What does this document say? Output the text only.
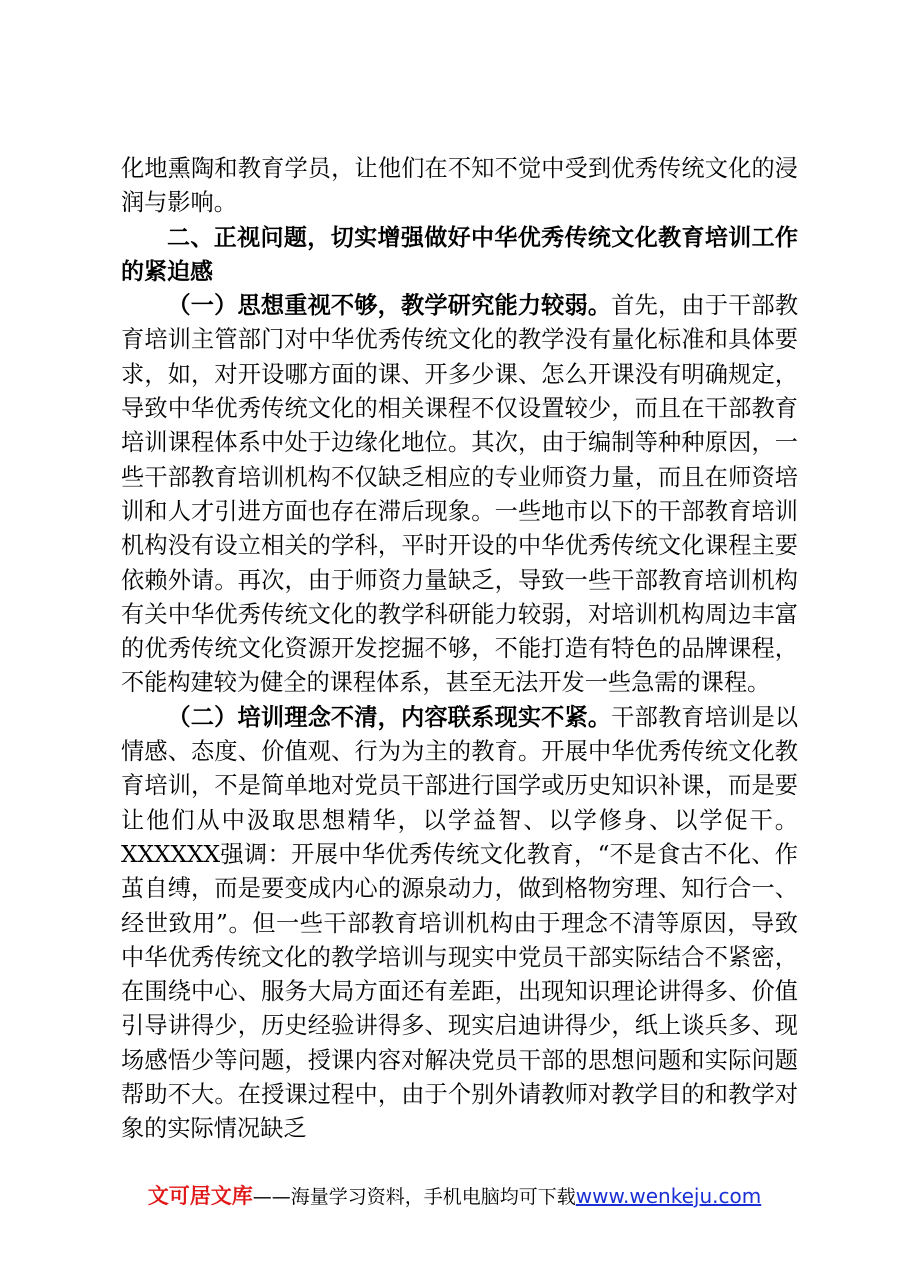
化地熏陶和教育学员，让他们在不知不觉中受到优秀传统文化的浸润与影响。

二、正视问题，切实增强做好中华优秀传统文化教育培训工作的紧迫感

（一）思想重视不够，教学研究能力较弱。首先，由于干部教育培训主管部门对中华优秀传统文化的教学没有量化标准和具体要求，如，对开设哪方面的课、开多少课、怎么开课没有明确规定，导致中华优秀传统文化的相关课程不仅设置较少，而且在干部教育培训课程体系中处于边缘化地位。其次，由于编制等种种原因，一些干部教育培训机构不仅缺乏相应的专业师资力量，而且在师资培训和人才引进方面也存在滞后现象。一些地市以下的干部教育培训机构没有设立相关的学科，平时开设的中华优秀传统文化课程主要依赖外请。再次，由于师资力量缺乏，导致一些干部教育培训机构有关中华优秀传统文化的教学科研能力较弱，对培训机构周边丰富的优秀传统文化资源开发挖掘不够，不能打造有特色的品牌课程，不能构建较为健全的课程体系，甚至无法开发一些急需的课程。

（二）培训理念不清，内容联系现实不紧。干部教育培训是以情感、态度、价值观、行为为主的教育。开展中华优秀传统文化教育培训，不是简单地对党员干部进行国学或历史知识补课，而是要让他们从中汲取思想精华，以学益智、以学修身、以学促干。XXXXXX强调：开展中华优秀传统文化教育，“不是食古不化、作茧自缚，而是要变成内心的源泉动力，做到格物穷理、知行合一、经世致用”。但一些干部教育培训机构由于理念不清等原因，导致中华优秀传统文化的教学培训与现实中党员干部实际结合不紧密，在围绕中心、服务大局方面还有差距，出现知识理论讲得多、价值引导讲得少，历史经验讲得多、现实启迪讲得少，纸上谈兵多、现场感悟少等问题，授课内容对解决党员干部的思想问题和实际问题帮助不大。在授课过程中，由于个别外请教师对教学目的和教学对象的实际情况缺乏

文可居文库——海量学习资料，手机电脑均可下载www.wenkeju.com
